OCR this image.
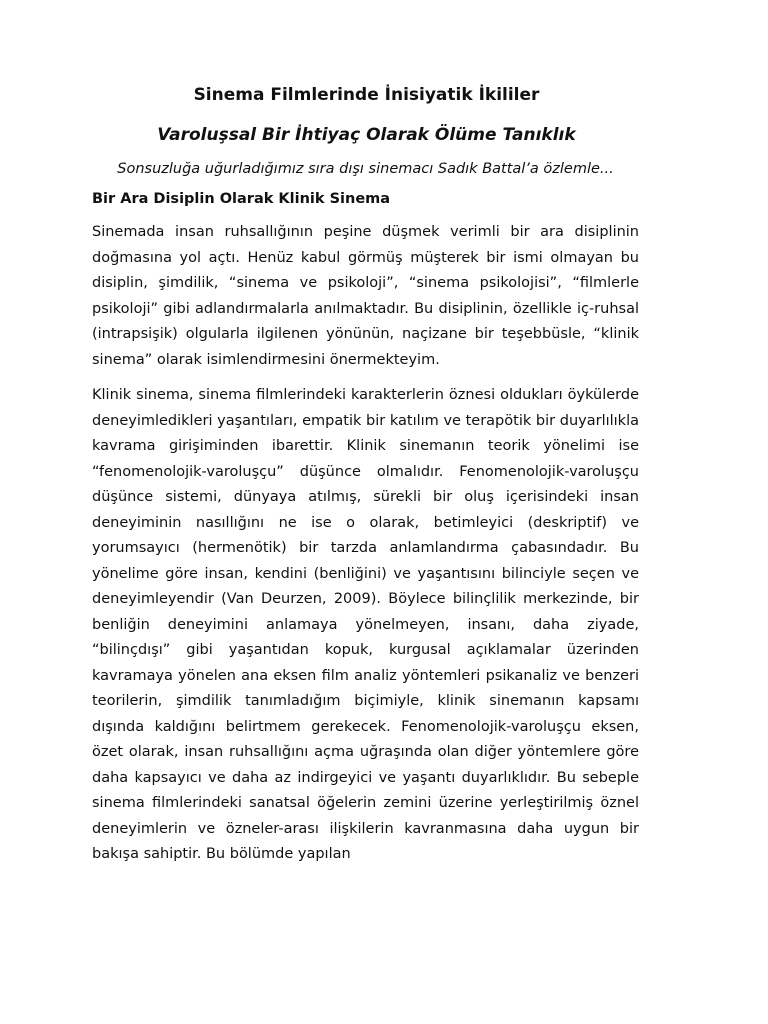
Sinema Filmlerinde İnisiyatik İkililer
Varoluşsal Bir İhtiyaç Olarak Ölüme Tanıklık

Sonsuzluğa uğurladığımız sıra dışı sinemacı Sadık Battal’a özlemle...

Bir Ara Disiplin Olarak Klinik Sinema

Sinemada insan ruhsallığının peşine düşmek verimli bir ara disiplinin doğmasına yol açtı. Henüz kabul görmüş müşterek bir ismi olmayan bu disiplin, şimdilik, “sinema ve psikoloji”, “sinema psikolojisi”, “filmlerle psikoloji” gibi adlandırmalarla anılmaktadır. Bu disiplinin, özellikle iç-ruhsal (intrapsişik) olgularla ilgilenen yönünün, naçizane bir teşebbüsle, “klinik sinema” olarak isimlendirmesini önermekteyim.

Klinik sinema, sinema filmlerindeki karakterlerin öznesi oldukları öykülerde deneyimledikleri yaşantıları, empatik bir katılım ve terapötik bir duyarlılıkla kavrama girişiminden ibarettir. Klinik sinemanın teorik yönelimi ise “fenomenolojik-varoluşçu” düşünce olmalıdır. Fenomenolojik-varoluşçu düşünce sistemi, dünyaya atılmış, sürekli bir oluş içerisindeki insan deneyiminin nasıllığını ne ise o olarak, betimleyici (deskriptif) ve yorumsayıcı (hermenötik) bir tarzda anlamlandırma çabasındadır. Bu yönelime göre insan, kendini (benliğini) ve yaşantısını bilinciyle seçen ve deneyimleyendir (Van Deurzen, 2009). Böylece bilinçlilik merkezinde, bir benliğin deneyimini anlamaya yönelmeyen, insanı, daha ziyade, “bilinçdışı” gibi yaşantıdan kopuk, kurgusal açıklamalar üzerinden kavramaya yönelen ana eksen film analiz yöntemleri psikanaliz ve benzeri teorilerin, şimdilik tanımladığım biçimiyle, klinik sinemanın kapsamı dışında kaldığını belirtmem gerekecek. Fenomenolojik-varoluşçu eksen, özet olarak, insan ruhsallığını açma uğraşında olan diğer yöntemlere göre daha kapsayıcı ve daha az indirgeyici ve yaşantı duyarlıklıdır. Bu sebeple sinema filmlerindeki sanatsal öğelerin zemini üzerine yerleştirilmiş öznel deneyimlerin ve özneler-arası ilişkilerin kavranmasına daha uygun bir bakışa sahiptir. Bu bölümde yapılan
